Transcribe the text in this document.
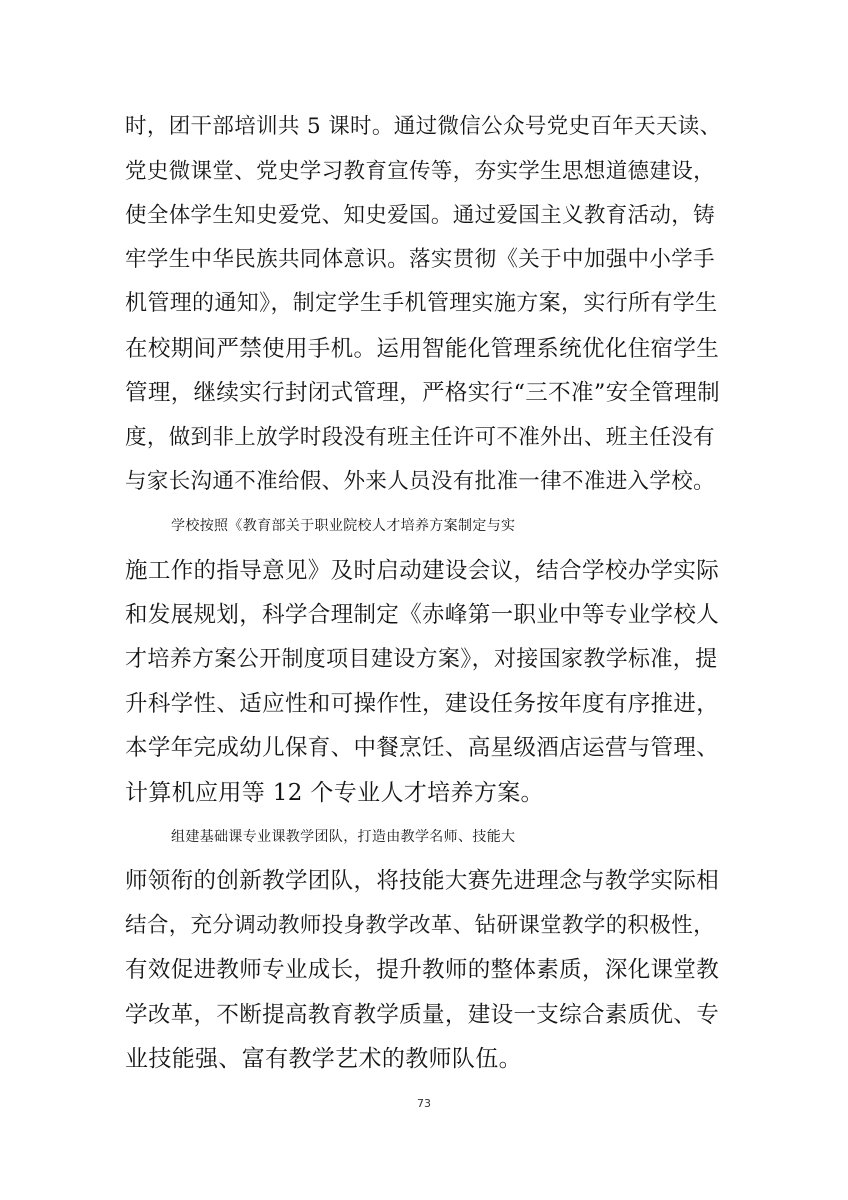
时，团干部培训共 5 课时。通过微信公众号党史百年天天读、
党史微课堂、党史学习教育宣传等，夯实学生思想道德建设，
使全体学生知史爱党、知史爱国。通过爱国主义教育活动，铸
牢学生中华民族共同体意识。落实贯彻《关于中加强中小学手
机管理的通知》，制定学生手机管理实施方案，实行所有学生
在校期间严禁使用手机。运用智能化管理系统优化住宿学生
管理，继续实行封闭式管理，严格实行“三不准”安全管理制
度，做到非上放学时段没有班主任许可不准外出、班主任没有
与家长沟通不准给假、外来人员没有批准一律不准进入学校。
学校按照《教育部关于职业院校人才培养方案制定与实
施工作的指导意见》及时启动建设会议，结合学校办学实际
和发展规划，科学合理制定《赤峰第一职业中等专业学校人
才培养方案公开制度项目建设方案》，对接国家教学标准，提
升科学性、适应性和可操作性，建设任务按年度有序推进，
本学年完成幼儿保育、中餐烹饪、高星级酒店运营与管理、
计算机应用等 12 个专业人才培养方案。
组建基础课专业课教学团队，打造由教学名师、技能大
师领衔的创新教学团队，将技能大赛先进理念与教学实际相
结合，充分调动教师投身教学改革、钻研课堂教学的积极性，
有效促进教师专业成长，提升教师的整体素质，深化课堂教
学改革，不断提高教育教学质量，建设一支综合素质优、专
业技能强、富有教学艺术的教师队伍。
73
